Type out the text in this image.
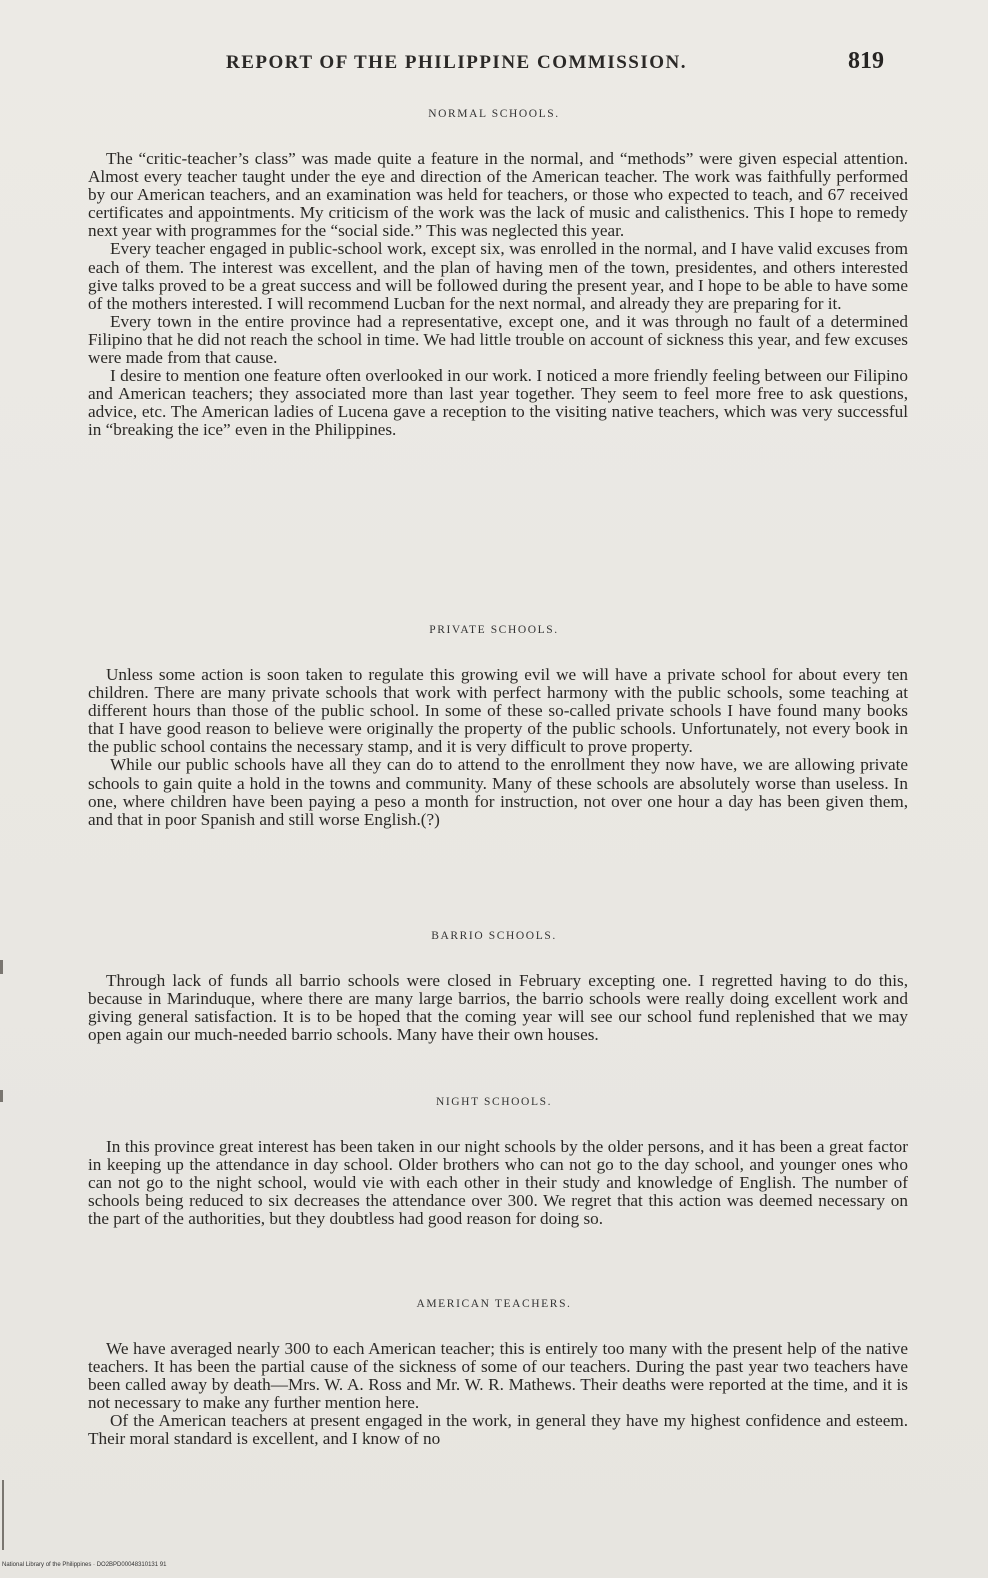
REPORT OF THE PHILIPPINE COMMISSION.	819
NORMAL SCHOOLS.

The “critic-teacher’s class” was made quite a feature in the normal, and “methods” were given especial attention. Almost every teacher taught under the eye and direction of the American teacher. The work was faithfully performed by our American teachers, and an examination was held for teachers, or those who expected to teach, and 67 received certificates and appointments. My criticism of the work was the lack of music and calisthenics. This I hope to remedy next year with programmes for the “social side.” This was neglected this year.

Every teacher engaged in public-school work, except six, was enrolled in the normal, and I have valid excuses from each of them. The interest was excellent, and the plan of having men of the town, presidentes, and others interested give talks proved to be a great success and will be followed during the present year, and I hope to be able to have some of the mothers interested. I will recommend Lucban for the next normal, and already they are preparing for it.

Every town in the entire province had a representative, except one, and it was through no fault of a determined Filipino that he did not reach the school in time. We had little trouble on account of sickness this year, and few excuses were made from that cause.

I desire to mention one feature often overlooked in our work. I noticed a more friendly feeling between our Filipino and American teachers; they associated more than last year together. They seem to feel more free to ask questions, advice, etc. The American ladies of Lucena gave a reception to the visiting native teachers, which was very successful in “breaking the ice” even in the Philippines.

PRIVATE SCHOOLS.

Unless some action is soon taken to regulate this growing evil we will have a private school for about every ten children. There are many private schools that work with perfect harmony with the public schools, some teaching at different hours than those of the public school. In some of these so-called private schools I have found many books that I have good reason to believe were originally the property of the public schools. Unfortunately, not every book in the public school contains the necessary stamp, and it is very difficult to prove property.

While our public schools have all they can do to attend to the enrollment they now have, we are allowing private schools to gain quite a hold in the towns and community. Many of these schools are absolutely worse than useless. In one, where children have been paying a peso a month for instruction, not over one hour a day has been given them, and that in poor Spanish and still worse English.(?)

BARRIO SCHOOLS.

Through lack of funds all barrio schools were closed in February excepting one. I regretted having to do this, because in Marinduque, where there are many large barrios, the barrio schools were really doing excellent work and giving general satisfaction. It is to be hoped that the coming year will see our school fund replenished that we may open again our much-needed barrio schools. Many have their own houses.

NIGHT SCHOOLS.

In this province great interest has been taken in our night schools by the older persons, and it has been a great factor in keeping up the attendance in day school. Older brothers who can not go to the day school, and younger ones who can not go to the night school, would vie with each other in their study and knowledge of English. The number of schools being reduced to six decreases the attendance over 300. We regret that this action was deemed necessary on the part of the authorities, but they doubtless had good reason for doing so.

AMERICAN TEACHERS.

We have averaged nearly 300 to each American teacher; this is entirely too many with the present help of the native teachers. It has been the partial cause of the sickness of some of our teachers. During the past year two teachers have been called away by death—Mrs. W. A. Ross and Mr. W. R. Mathews. Their deaths were reported at the time, and it is not necessary to make any further mention here.

Of the American teachers at present engaged in the work, in general they have my highest confidence and esteem. Their moral standard is excellent, and I know of no

National Library of the Philippines · DO2BPD00048310131 91
